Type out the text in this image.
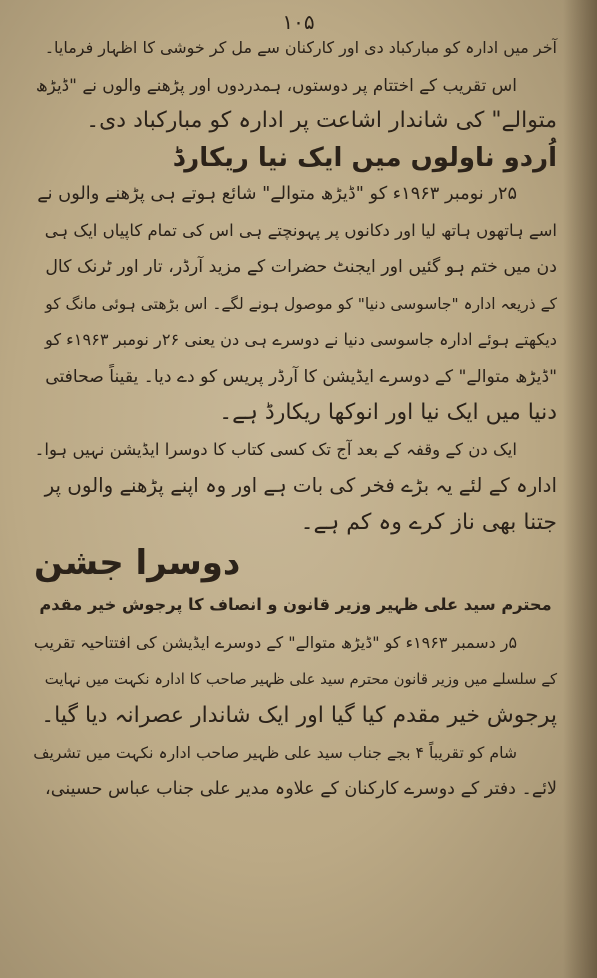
۱۰۵

آخر میں ادارہ کو مبارکباد دی اور کارکنان سے مل کر خوشی کا اظہار فرمایا۔

اس تقریب کے اختتام پر دوستوں، ہمدردوں اور پڑھنے والوں نے "ڈیڑھ

متوالے" کی شاندار اشاعت پر ادارہ کو مبارکباد دی۔

اُردو ناولوں میں ایک نیا ریکارڈ

۲۵ر نومبر ۱۹۶۳ء کو "ڈیڑھ متوالے" شائع ہوتے ہی پڑھنے والوں نے

اسے ہاتھوں ہاتھ لیا اور دکانوں پر پہونچتے ہی اس کی تمام کاپیاں ایک ہی

دن میں ختم ہو گئیں اور ایجنٹ حضرات کے مزید آرڈر، تار اور ٹرنک کال

کے ذریعہ ادارہ "جاسوسی دنیا" کو موصول ہونے لگے۔ اس بڑھتی ہوئی مانگ کو

دیکھتے ہوئے ادارہ جاسوسی دنیا نے دوسرے ہی دن یعنی ۲۶ر نومبر ۱۹۶۳ء کو

"ڈیڑھ متوالے" کے دوسرے ایڈیشن کا آرڈر پریس کو دے دیا۔ یقیناً صحافتی

دنیا میں ایک نیا اور انوکھا ریکارڈ ہے۔

ایک دن کے وقفہ کے بعد آج تک کسی کتاب کا دوسرا ایڈیشن نہیں ہوا۔

ادارہ کے لئے یہ بڑے فخر کی بات ہے اور وہ اپنے پڑھنے والوں پر

جتنا بھی ناز کرے وہ کم ہے۔

دوسرا جشن

محترم سید علی ظہیر وزیر قانون و انصاف کا پرجوش خیر مقدم

۵ر دسمبر ۱۹۶۳ء کو "ڈیڑھ متوالے" کے دوسرے ایڈیشن کی افتتاحیہ تقریب

کے سلسلے میں وزیر قانون محترم سید علی ظہیر صاحب کا ادارہ نکہت میں نہایت

پرجوش خیر مقدم کیا گیا اور ایک شاندار عصرانہ دیا گیا۔

شام کو تقریباً ۴ بجے جناب سید علی ظہیر صاحب ادارہ نکہت میں تشریف

لائے۔ دفتر کے دوسرے کارکنان کے علاوہ مدیر علی جناب عباس حسینی،
